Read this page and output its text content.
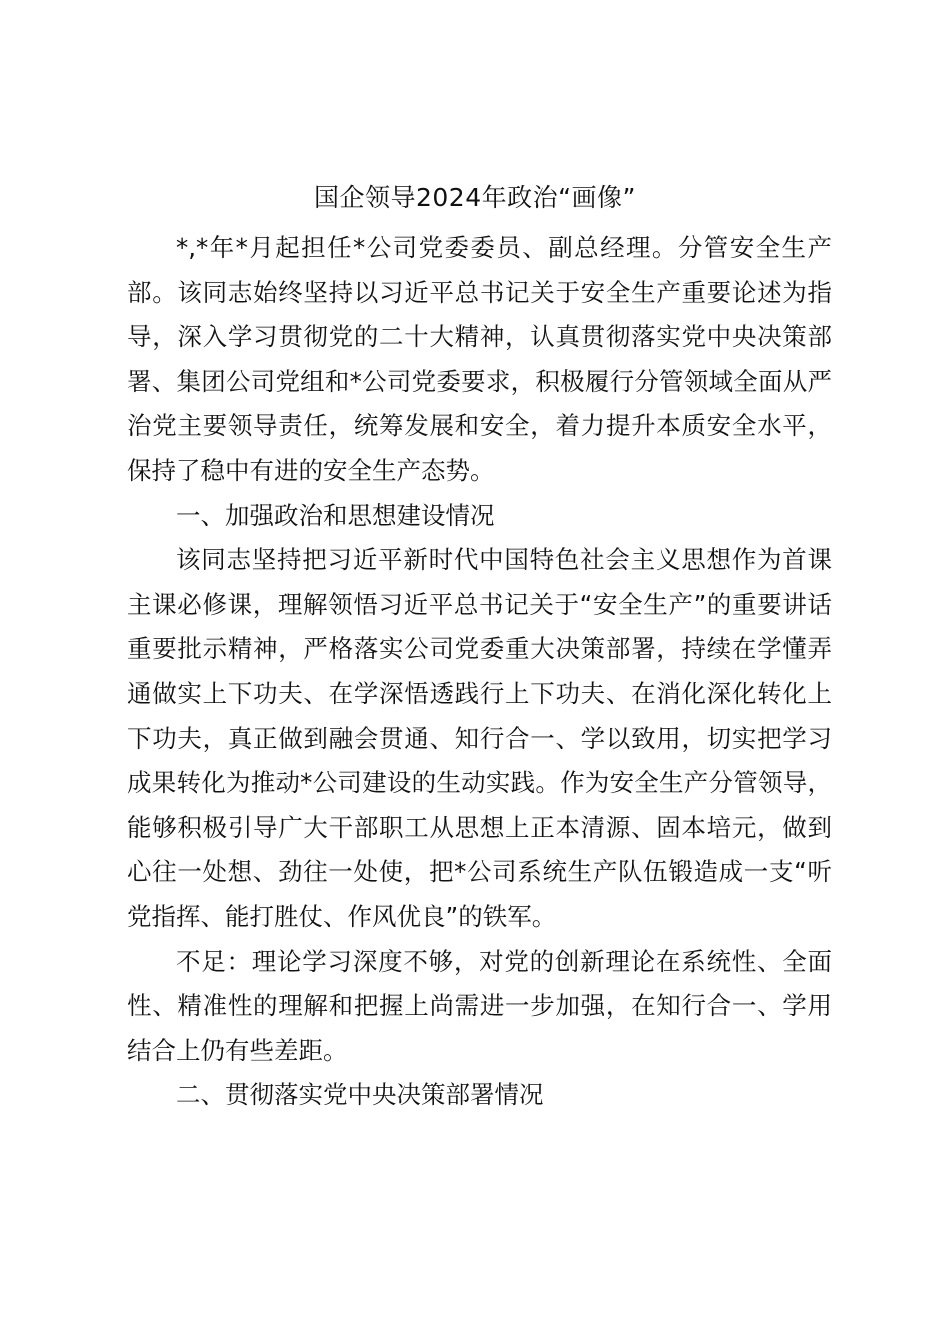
国企领导2024年政治“画像”

*,*年*月起担任*公司党委委员、副总经理。分管安全生产部。该同志始终坚持以习近平总书记关于安全生产重要论述为指导，深入学习贯彻党的二十大精神，认真贯彻落实党中央决策部署、集团公司党组和*公司党委要求，积极履行分管领域全面从严治党主要领导责任，统筹发展和安全，着力提升本质安全水平，保持了稳中有进的安全生产态势。

一、加强政治和思想建设情况

该同志坚持把习近平新时代中国特色社会主义思想作为首课主课必修课，理解领悟习近平总书记关于“安全生产”的重要讲话重要批示精神，严格落实公司党委重大决策部署，持续在学懂弄通做实上下功夫、在学深悟透践行上下功夫、在消化深化转化上下功夫，真正做到融会贯通、知行合一、学以致用，切实把学习成果转化为推动*公司建设的生动实践。作为安全生产分管领导，能够积极引导广大干部职工从思想上正本清源、固本培元，做到心往一处想、劲往一处使，把*公司系统生产队伍锻造成一支“听党指挥、能打胜仗、作风优良”的铁军。

不足：理论学习深度不够，对党的创新理论在系统性、全面性、精准性的理解和把握上尚需进一步加强，在知行合一、学用结合上仍有些差距。

二、贯彻落实党中央决策部署情况
